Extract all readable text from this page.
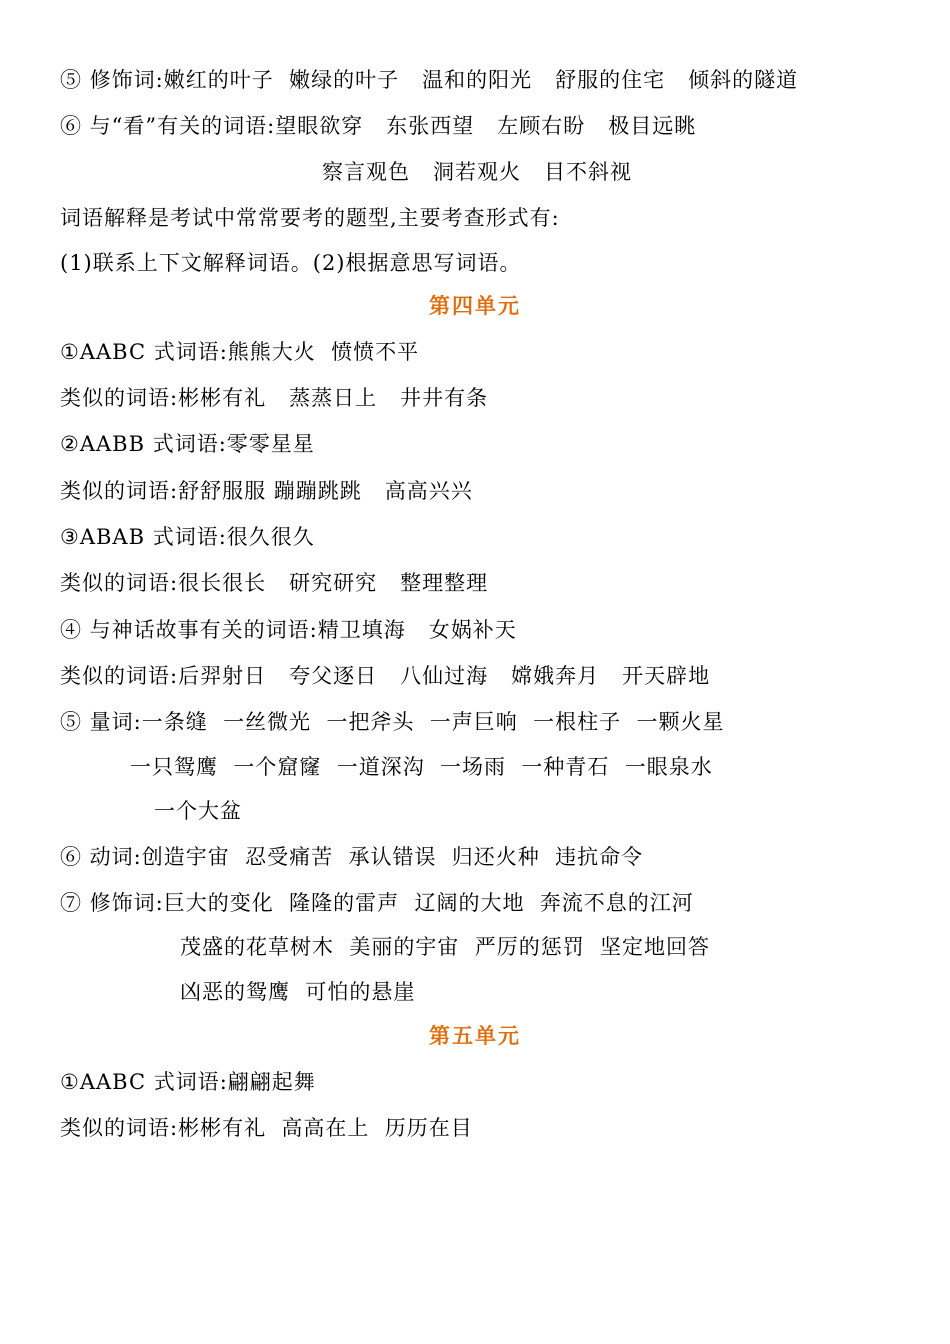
⑤ 修饰词:嫩红的叶子  嫩绿的叶子   温和的阳光   舒服的住宅   倾斜的隧道
⑥ 与“看”有关的词语:望眼欲穿   东张西望   左顾右盼   极目远眺
察言观色   洞若观火   目不斜视
词语解释是考试中常常要考的题型,主要考查形式有:
(1)联系上下文解释词语。(2)根据意思写词语。
第四单元
①AABC 式词语:熊熊大火  愤愤不平
类似的词语:彬彬有礼   蒸蒸日上   井井有条
②AABB 式词语:零零星星
类似的词语:舒舒服服 蹦蹦跳跳   高高兴兴
③ABAB 式词语:很久很久
类似的词语:很长很长   研究研究   整理整理
④ 与神话故事有关的词语:精卫填海   女娲补天
类似的词语:后羿射日   夸父逐日   八仙过海   嫦娥奔月   开天辟地
⑤ 量词:一条缝  一丝微光  一把斧头  一声巨响  一根柱子  一颗火星
一只鸳鹰  一个窟窿  一道深沟  一场雨  一种青石  一眼泉水
一个大盆
⑥ 动词:创造宇宙  忍受痛苦  承认错误  归还火种  违抗命令
⑦ 修饰词:巨大的变化  隆隆的雷声  辽阔的大地  奔流不息的江河
茂盛的花草树木  美丽的宇宙  严厉的惩罚  坚定地回答
凶恶的鸳鹰  可怕的悬崖
第五单元
①AABC 式词语:翩翩起舞
类似的词语:彬彬有礼  高高在上  历历在目
